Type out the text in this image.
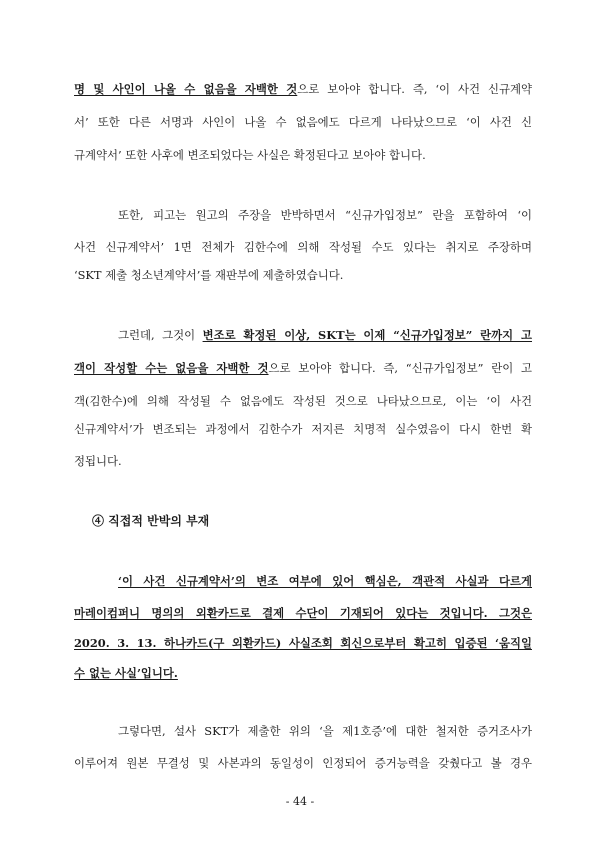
명 및 사인이 나올 수 없음을 자백한 것으로 보아야 합니다. 즉, ‘이 사건 신규계약

서’ 또한 다른 서명과 사인이 나올 수 없음에도 다르게 나타났으므로 ‘이 사건 신

규계약서’ 또한 사후에 변조되었다는 사실은 확정된다고 보아야 합니다.

또한, 피고는 원고의 주장을 반박하면서 “신규가입정보” 란을 포함하여 ‘이

사건 신규계약서’ 1면 전체가 김한수에 의해 작성될 수도 있다는 취지로 주장하며

‘SKT 제출 청소년계약서’를 재판부에 제출하였습니다.

그런데, 그것이 변조로 확정된 이상, SKT는 이제 “신규가입정보” 란까지 고

객이 작성할 수는 없음을 자백한 것으로 보아야 합니다. 즉, “신규가입정보” 란이 고

객(김한수)에 의해 작성될 수 없음에도 작성된 것으로 나타났으므로, 이는 ‘이 사건

신규계약서’가 변조되는 과정에서 김한수가 저지른 치명적 실수였음이 다시 한번 확

정됩니다.

④ 직접적 반박의 부재

‘이 사건 신규계약서’의 변조 여부에 있어 핵심은, 객관적 사실과 다르게

마레이컴퍼니 명의의 외환카드로 결제 수단이 기재되어 있다는 것입니다. 그것은

2020. 3. 13. 하나카드(구 외환카드) 사실조회 회신으로부터 확고히 입증된 ‘움직일

수 없는 사실’입니다.

그렇다면, 설사 SKT가 제출한 위의 ‘을 제1호증’에 대한 철저한 증거조사가

이루어져 원본 무결성 및 사본과의 동일성이 인정되어 증거능력을 갖췄다고 볼 경우

- 44 -
